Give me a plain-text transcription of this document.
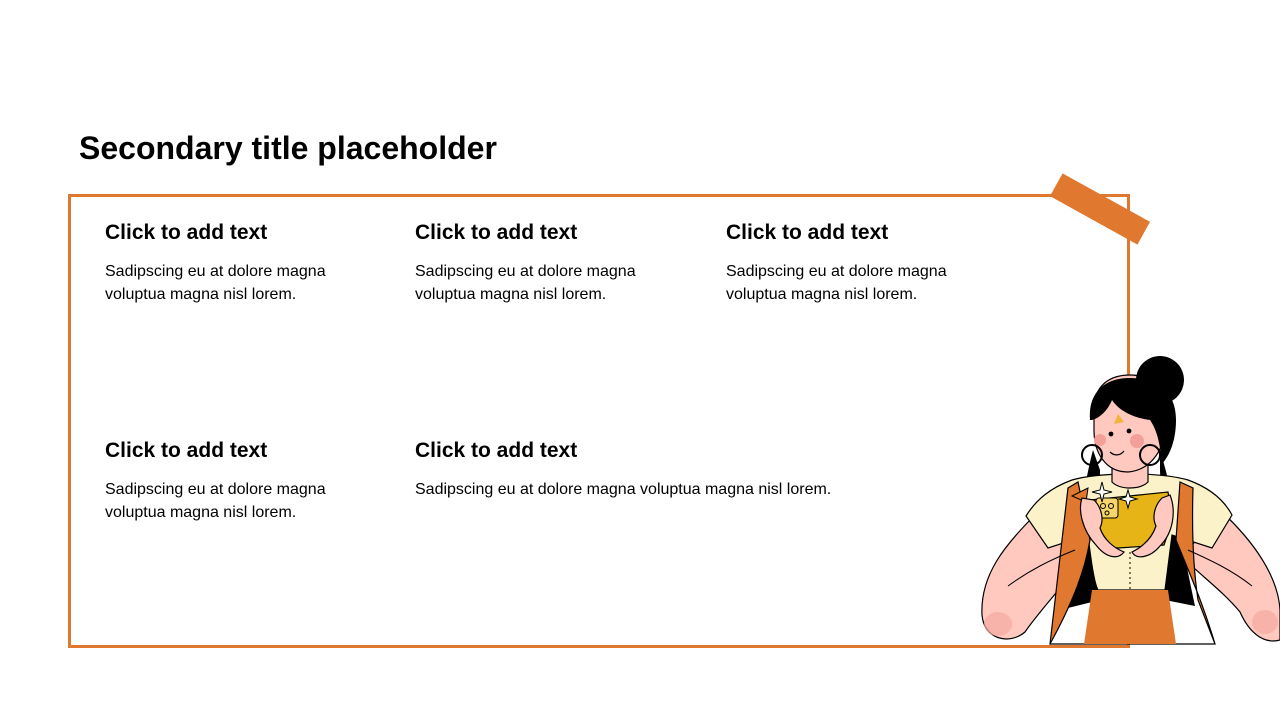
Secondary title placeholder
Click to add text

Sadipscing eu at dolore magna voluptua magna nisl lorem.

Click to add text

Sadipscing eu at dolore magna voluptua magna nisl lorem.

Click to add text

Sadipscing eu at dolore magna voluptua magna nisl lorem.

Click to add text

Sadipscing eu at dolore magna voluptua magna nisl lorem.

Click to add text

Sadipscing eu at dolore magna voluptua magna nisl lorem.
